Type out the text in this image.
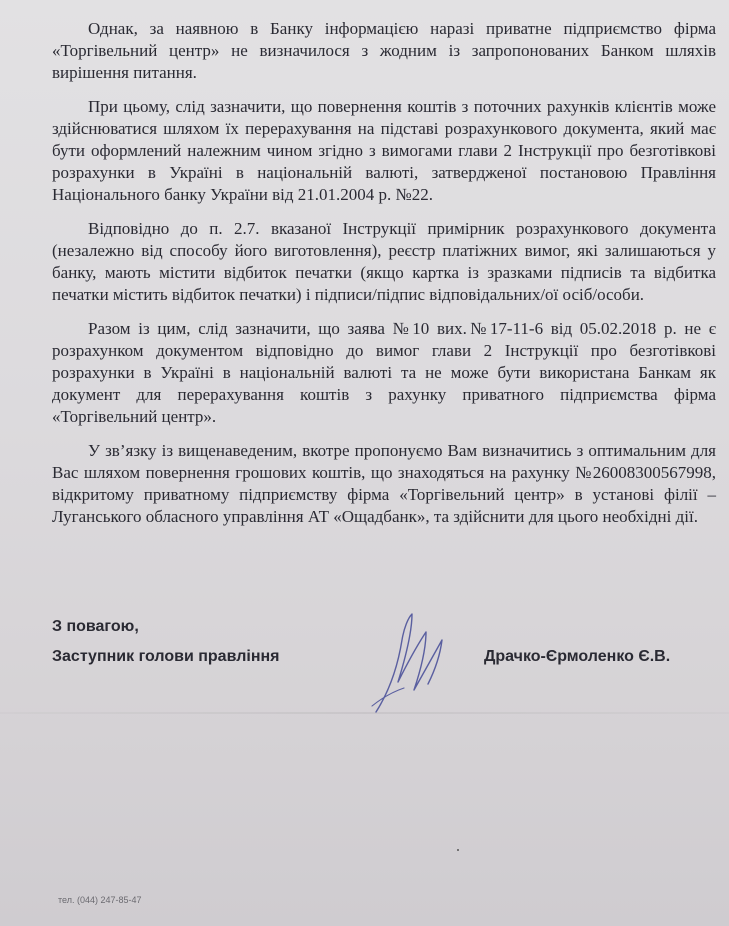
Однак, за наявною в Банку інформацією наразі приватне підприємство фірма «Торгівельний центр» не визначилося з жодним із запропонованих Банком шляхів вирішення питання.

При цьому, слід зазначити, що повернення коштів з поточних рахунків клієнтів може здійснюватися шляхом їх перерахування на підставі розрахункового документа, який має бути оформлений належним чином згідно з вимогами глави 2 Інструкції про безготівкові розрахунки в Україні в національній валюті, затвердженої постановою Правління Національного банку України від 21.01.2004 р. №22.

Відповідно до п. 2.7. вказаної Інструкції примірник розрахункового документа (незалежно від способу його виготовлення), реєстр платіжних вимог, які залишаються у банку, мають містити відбиток печатки (якщо картка із зразками підписів та відбитка печатки містить відбиток печатки) і підписи/підпис відповідальних/ої осіб/особи.

Разом із цим, слід зазначити, що заява №10 вих.№17-11-6 від 05.02.2018 р. не є розрахунком документом відповідно до вимог глави 2 Інструкції про безготівкові розрахунки в Україні в національній валюті та не може бути використана Банкам як документ для перерахування коштів з рахунку приватного підприємства фірма «Торгівельний центр».

У зв’язку із вищенаведеним, вкотре пропонуємо Вам визначитись з оптимальним для Вас шляхом повернення грошових коштів, що знаходяться на рахунку №26008300567998, відкритому приватному підприємству фірма «Торгівельний центр» в установі філії – Луганського обласного управління АТ «Ощадбанк», та здійснити для цього необхідні дії.

З повагою,

Заступник голови правління	Драчко-Єрмоленко Є.В.
тел. (044) 247-85-47
